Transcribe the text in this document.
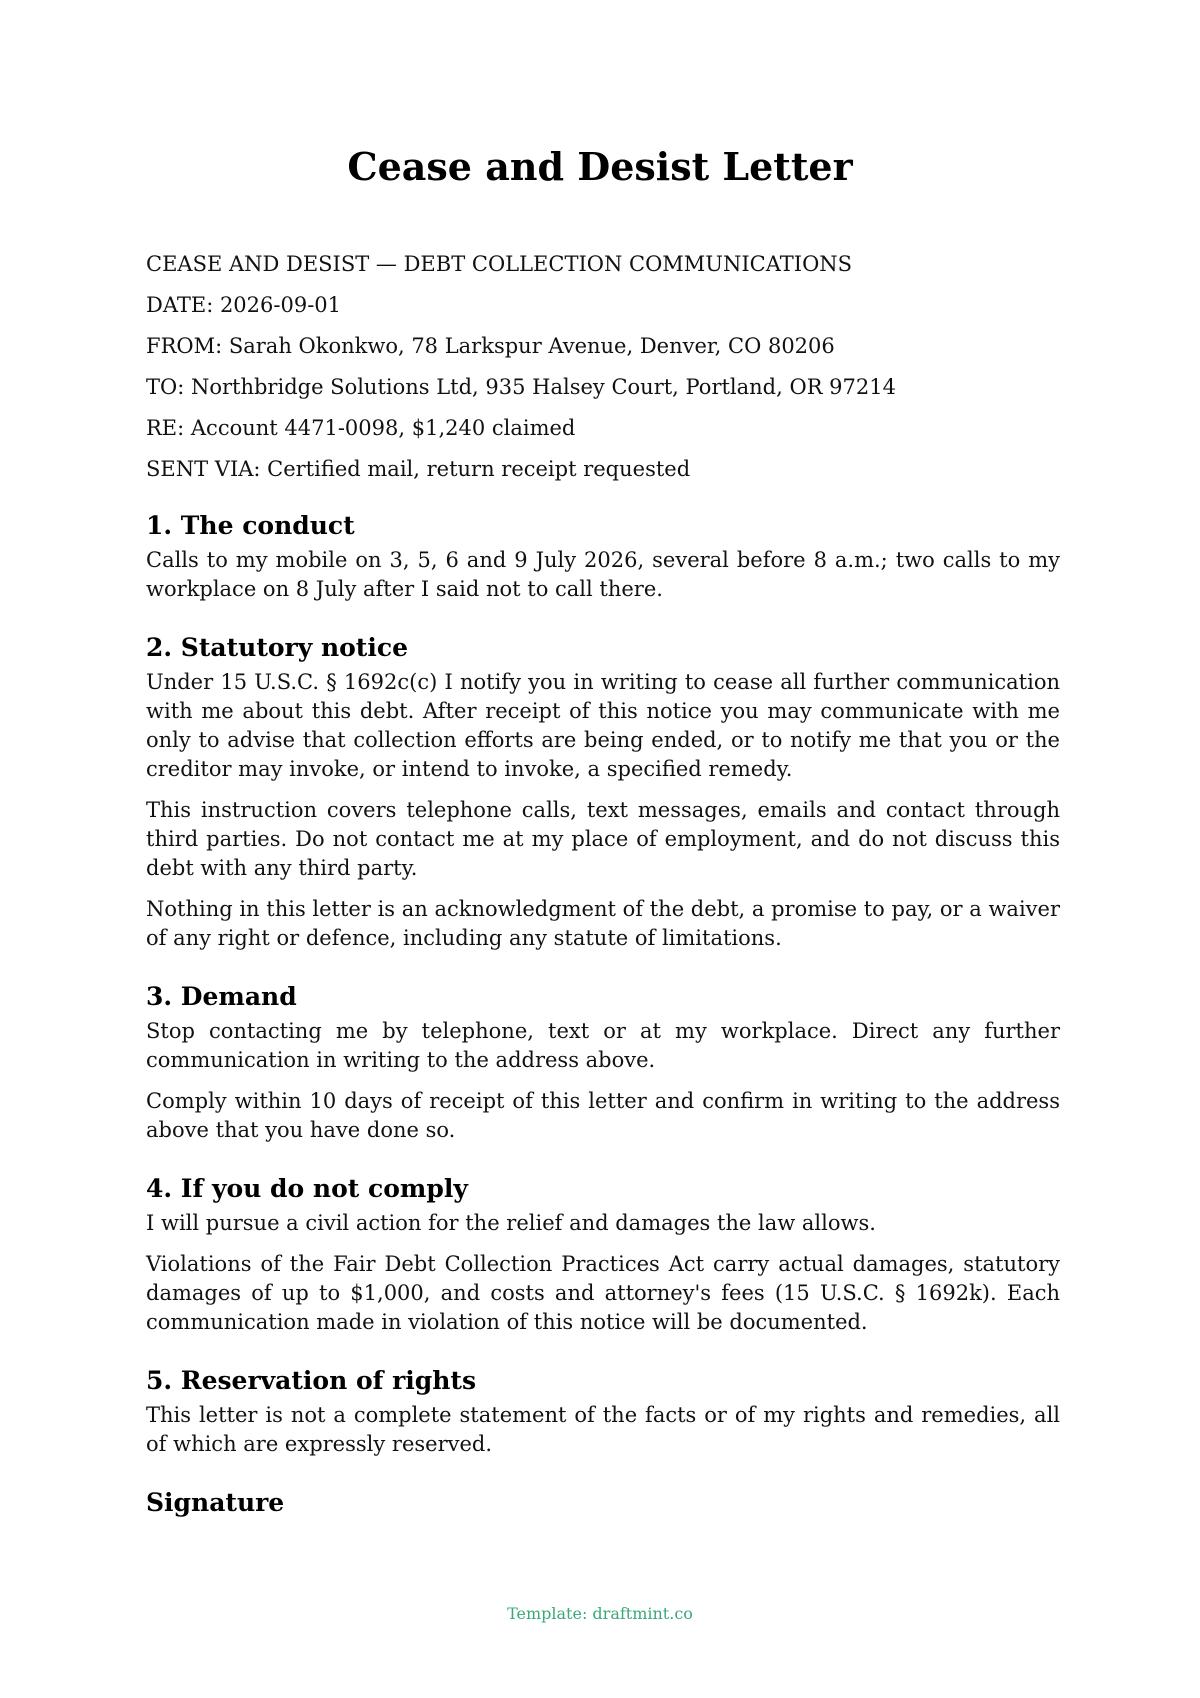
Cease and Desist Letter

CEASE AND DESIST — DEBT COLLECTION COMMUNICATIONS

DATE: 2026-09-01

FROM: Sarah Okonkwo, 78 Larkspur Avenue, Denver, CO 80206

TO: Northbridge Solutions Ltd, 935 Halsey Court, Portland, OR 97214

RE: Account 4471-0098, $1,240 claimed

SENT VIA: Certified mail, return receipt requested

1. The conduct

Calls to my mobile on 3, 5, 6 and 9 July 2026, several before 8 a.m.; two calls to my workplace on 8 July after I said not to call there.

2. Statutory notice

Under 15 U.S.C. § 1692c(c) I notify you in writing to cease all further communication with me about this debt. After receipt of this notice you may communicate with me only to advise that collection efforts are being ended, or to notify me that you or the creditor may invoke, or intend to invoke, a specified remedy.

This instruction covers telephone calls, text messages, emails and contact through third parties. Do not contact me at my place of employment, and do not discuss this debt with any third party.

Nothing in this letter is an acknowledgment of the debt, a promise to pay, or a waiver of any right or defence, including any statute of limitations.

3. Demand

Stop contacting me by telephone, text or at my workplace. Direct any further communication in writing to the address above.

Comply within 10 days of receipt of this letter and confirm in writing to the address above that you have done so.

4. If you do not comply

I will pursue a civil action for the relief and damages the law allows.

Violations of the Fair Debt Collection Practices Act carry actual damages, statutory damages of up to $1,000, and costs and attorney's fees (15 U.S.C. § 1692k). Each communication made in violation of this notice will be documented.

5. Reservation of rights

This letter is not a complete statement of the facts or of my rights and remedies, all of which are expressly reserved.

Signature
Template: draftmint.co
